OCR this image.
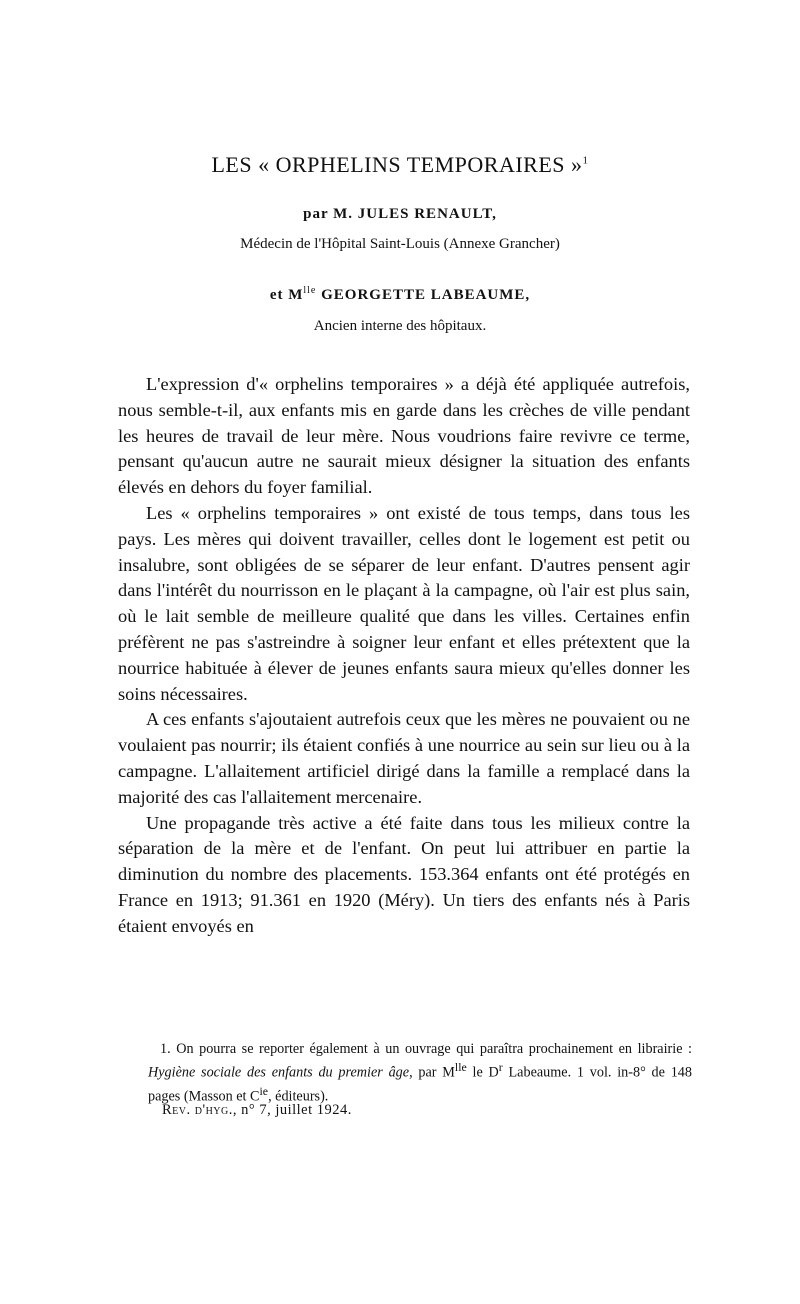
LES « ORPHELINS TEMPORAIRES »$^1$
par M. JULES RENAULT,
Médecin de l'Hôpital Saint-Louis (Annexe Grancher)
et $M^{lle}$ GEORGETTE LABEAUME,
Ancien interne des hôpitaux.

L'expression d'« orphelins temporaires » a déjà été appliquée autrefois, nous semble-t-il, aux enfants mis en garde dans les crèches de ville pendant les heures de travail de leur mère. Nous voudrions faire revivre ce terme, pensant qu'aucun autre ne saurait mieux désigner la situation des enfants élevés en dehors du foyer familial.

Les « orphelins temporaires » ont existé de tous temps, dans tous les pays. Les mères qui doivent travailler, celles dont le logement est petit ou insalubre, sont obligées de se séparer de leur enfant. D'autres pensent agir dans l'intérêt du nourrisson en le plaçant à la campagne, où l'air est plus sain, où le lait semble de meilleure qualité que dans les villes. Certaines enfin préfèrent ne pas s'astreindre à soigner leur enfant et elles prétextent que la nourrice habituée à élever de jeunes enfants saura mieux qu'elles donner les soins nécessaires.

A ces enfants s'ajoutaient autrefois ceux que les mères ne pouvaient ou ne voulaient pas nourrir; ils étaient confiés à une nourrice au sein sur lieu ou à la campagne. L'allaitement artificiel dirigé dans la famille a remplacé dans la majorité des cas l'allaitement mercenaire.

Une propagande très active a été faite dans tous les milieux contre la séparation de la mère et de l'enfant. On peut lui attribuer en partie la diminution du nombre des placements. 153.364 enfants ont été protégés en France en 1913; 91.361 en 1920 (Méry). Un tiers des enfants nés à Paris étaient envoyés en

1. On pourra se reporter également à un ouvrage qui paraîtra prochainement en librairie : Hygiène sociale des enfants du premier âge, par $M^{lle}$ le $D^r$ Labeaume. 1 vol. in-8° de 148 pages (Masson et $C^{ie}$, éditeurs).

Rev. d'hyg., n° 7, juillet 1924.
